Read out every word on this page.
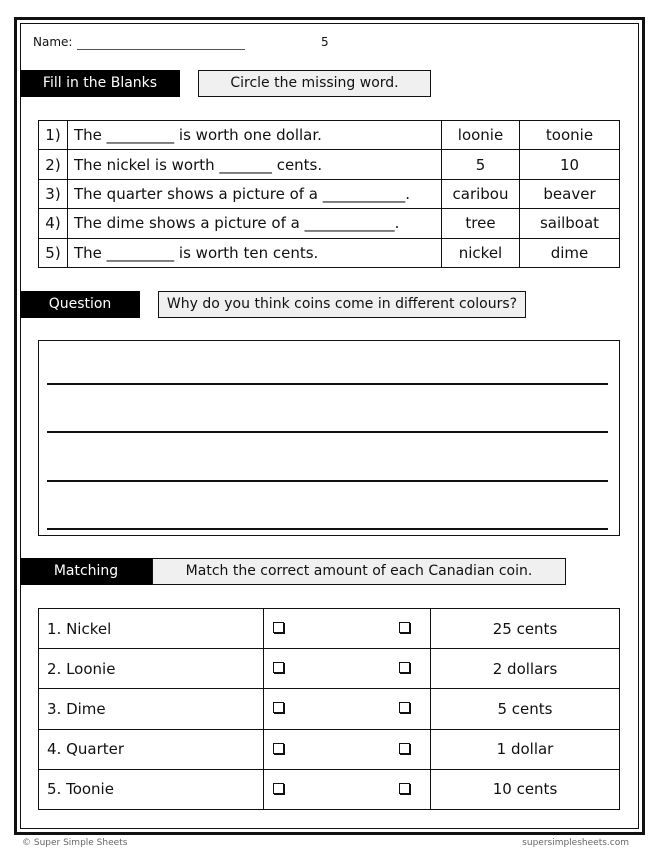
Name:	5
Fill in the Blanks	Circle the missing word.
1)	The _________ is worth one dollar.	loonie	toonie
2)	The nickel is worth _______ cents.	5	10
3)	The quarter shows a picture of a ___________.	caribou	beaver
4)	The dime shows a picture of a ____________.	tree	sailboat
5)	The _________ is worth ten cents.	nickel	dime
Question	Why do you think coins come in different colours?
Matching	Match the correct amount of each Canadian coin.
1. Nickel		25 cents
2. Loonie		2 dollars
3. Dime		5 cents
4. Quarter		1 dollar
5. Toonie		10 cents
© Super Simple Sheets	supersimplesheets.com
